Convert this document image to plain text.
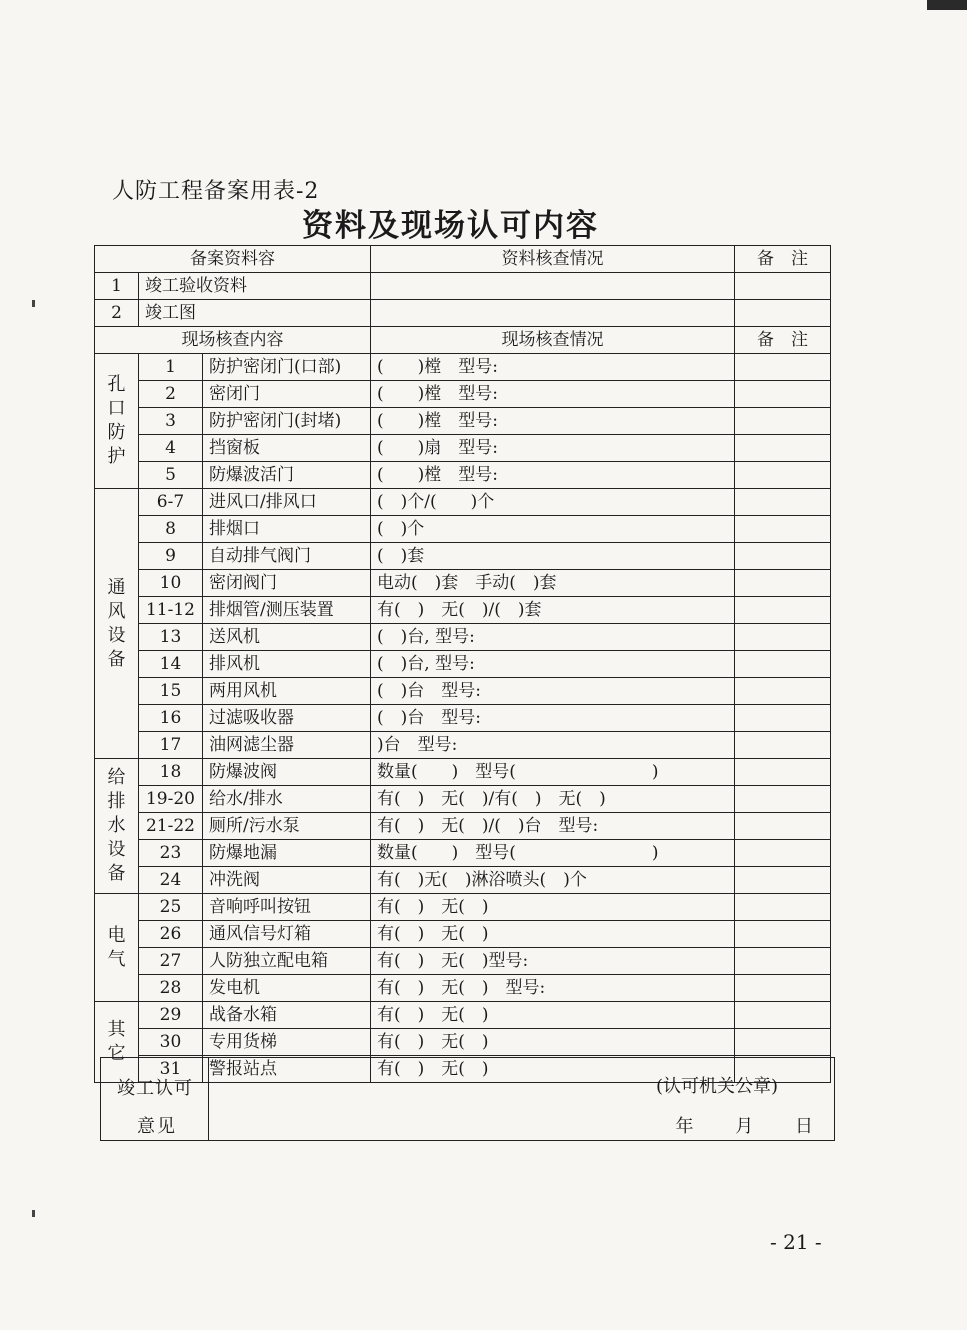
人防工程备案用表-2
资料及现场认可内容
备案资料容			资料核查情况	备　注
1	竣工验收资料			
2	竣工图			
现场核查内容			现场核查情况	备　注

孔口防护	1	防护密闭门(口部)	(　　)樘　型号:	
	2	密闭门	(　　)樘　型号:	
	3	防护密闭门(封堵)	(　　)樘　型号:	
	4	挡窗板	(　　)扇　型号:	
	5	防爆波活门	(　　)樘　型号:	

通风设备	6-7	进风口/排风口	(　)个/(　　)个	
	8	排烟口	(　)个	
	9	自动排气阀门	(　)套	
	10	密闭阀门	电动(　)套　手动(　)套	
	11-12	排烟管/测压装置	有(　)　无(　)/(　)套	
	13	送风机	(　)台, 型号:	
	14	排风机	(　)台, 型号:	
	15	两用风机	(　)台　型号:	
	16	过滤吸收器	(　)台　型号:	
	17	油网滤尘器	)台　型号:	

给排水设备	18	防爆波阀	数量(　　)　型号(　　　　　　　　)	
	19-20	给水/排水	有(　)　无(　)/有(　)　无(　)	
	21-22	厕所/污水泵	有(　)　无(　)/(　)台　型号:	
	23	防爆地漏	数量(　　)　型号(　　　　　　　　)	
	24	冲洗阀	有(　)无(　)淋浴喷头(　)个	

电气	25	音响呼叫按钮	有(　)　无(　)	
	26	通风信号灯箱	有(　)　无(　)	
	27	人防独立配电箱	有(　)　无(　)型号:	
	28	发电机	有(　)　无(　)　型号:	

其它	29	战备水箱	有(　)　无(　)	
	30	专用货梯	有(　)　无(　)	
	31	警报站点	有(　)　无(　)	
竣工认可
意见

(认可机关公章)
年 月 日
- 21 -
